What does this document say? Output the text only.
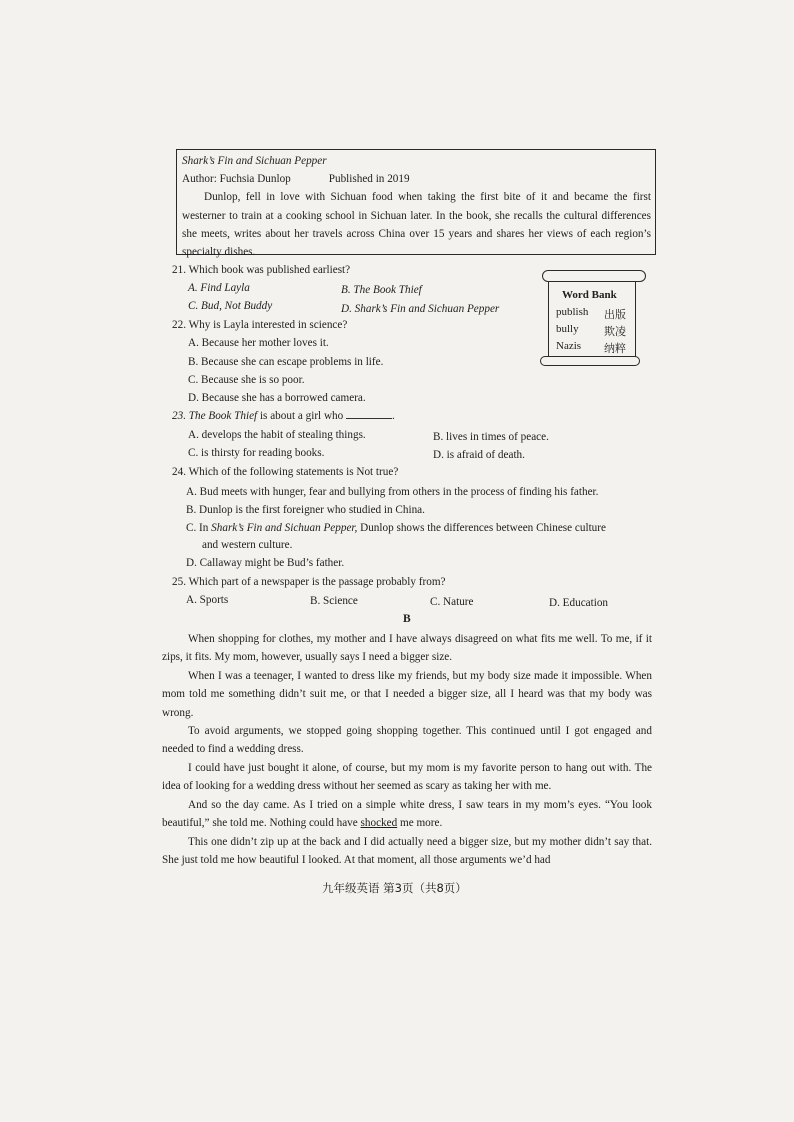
Shark’s Fin and Sichuan Pepper
Author: Fuchsia Dunlop	Published in 2019
Dunlop, fell in love with Sichuan food when taking the first bite of it and became the first westerner to train at a cooking school in Sichuan later. In the book, she recalls the cultural differences she meets, writes about her travels across China over 15 years and shares her views of each region’s specialty dishes.
21. Which book was published earliest?
A. Find Layla	B. The Book Thief
C. Bud, Not Buddy	D. Shark’s Fin and Sichuan Pepper
Word Bank
publish 出版
bully 欺凌
Nazis 纳粹
22. Why is Layla interested in science?
A. Because her mother loves it.
B. Because she can escape problems in life.
C. Because she is so poor.
D. Because she has a borrowed camera.
23. The Book Thief is about a girl who	.
A. develops the habit of stealing things.	B. lives in times of peace.
C. is thirsty for reading books.	D. is afraid of death.
24. Which of the following statements is Not true?
A. Bud meets with hunger, fear and bullying from others in the process of finding his father.
B. Dunlop is the first foreigner who studied in China.
C. In Shark’s Fin and Sichuan Pepper, Dunlop shows the differences between Chinese culture
and western culture.
D. Callaway might be Bud’s father.
25. Which part of a newspaper is the passage probably from?
A. Sports	B. Science	C. Nature	D. Education
B
When shopping for clothes, my mother and I have always disagreed on what fits me well. To me, if it zips, it fits. My mom, however, usually says I need a bigger size.
When I was a teenager, I wanted to dress like my friends, but my body size made it impossible. When mom told me something didn’t suit me, or that I needed a bigger size, all I heard was that my body was wrong.
To avoid arguments, we stopped going shopping together. This continued until I got engaged and needed to find a wedding dress.
I could have just bought it alone, of course, but my mom is my favorite person to hang out with. The idea of looking for a wedding dress without her seemed as scary as taking her with me.
And so the day came. As I tried on a simple white dress, I saw tears in my mom’s eyes. “You look beautiful,” she told me. Nothing could have shocked me more.
This one didn’t zip up at the back and I did actually need a bigger size, but my mother didn’t say that. She just told me how beautiful I looked. At that moment, all those arguments we’d had
九年级英语 第3页（共8页）
